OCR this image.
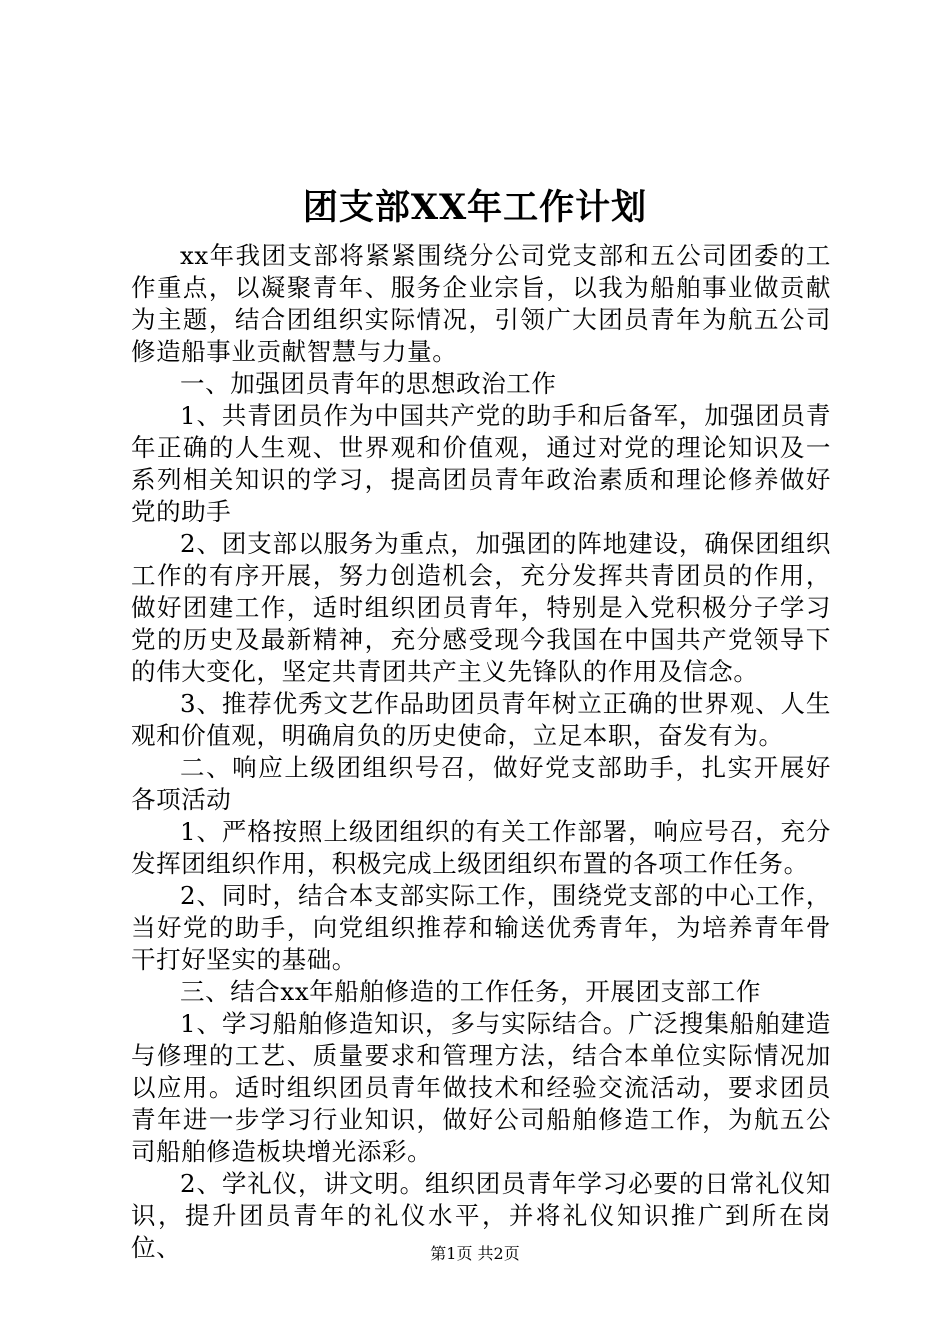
团支部XX年工作计划

xx年我团支部将紧紧围绕分公司党支部和五公司团委的工作重点，以凝聚青年、服务企业宗旨，以我为船舶事业做贡献为主题，结合团组织实际情况，引领广大团员青年为航五公司修造船事业贡献智慧与力量。

一、加强团员青年的思想政治工作

1、共青团员作为中国共产党的助手和后备军，加强团员青年正确的人生观、世界观和价值观，通过对党的理论知识及一系列相关知识的学习，提高团员青年政治素质和理论修养做好党的助手

2、团支部以服务为重点，加强团的阵地建设，确保团组织工作的有序开展，努力创造机会，充分发挥共青团员的作用，做好团建工作，适时组织团员青年，特别是入党积极分子学习党的历史及最新精神，充分感受现今我国在中国共产党领导下的伟大变化，坚定共青团共产主义先锋队的作用及信念。

3、推荐优秀文艺作品助团员青年树立正确的世界观、人生观和价值观，明确肩负的历史使命，立足本职，奋发有为。

二、响应上级团组织号召，做好党支部助手，扎实开展好各项活动

1、严格按照上级团组织的有关工作部署，响应号召，充分发挥团组织作用，积极完成上级团组织布置的各项工作任务。

2、同时，结合本支部实际工作，围绕党支部的中心工作，当好党的助手，向党组织推荐和输送优秀青年，为培养青年骨干打好坚实的基础。

三、结合xx年船舶修造的工作任务，开展团支部工作

1、学习船舶修造知识，多与实际结合。广泛搜集船舶建造与修理的工艺、质量要求和管理方法，结合本单位实际情况加以应用。适时组织团员青年做技术和经验交流活动，要求团员青年进一步学习行业知识，做好公司船舶修造工作，为航五公司船舶修造板块增光添彩。

2、学礼仪，讲文明。组织团员青年学习必要的日常礼仪知识，提升团员青年的礼仪水平，并将礼仪知识推广到所在岗位、	第1页 共2页
